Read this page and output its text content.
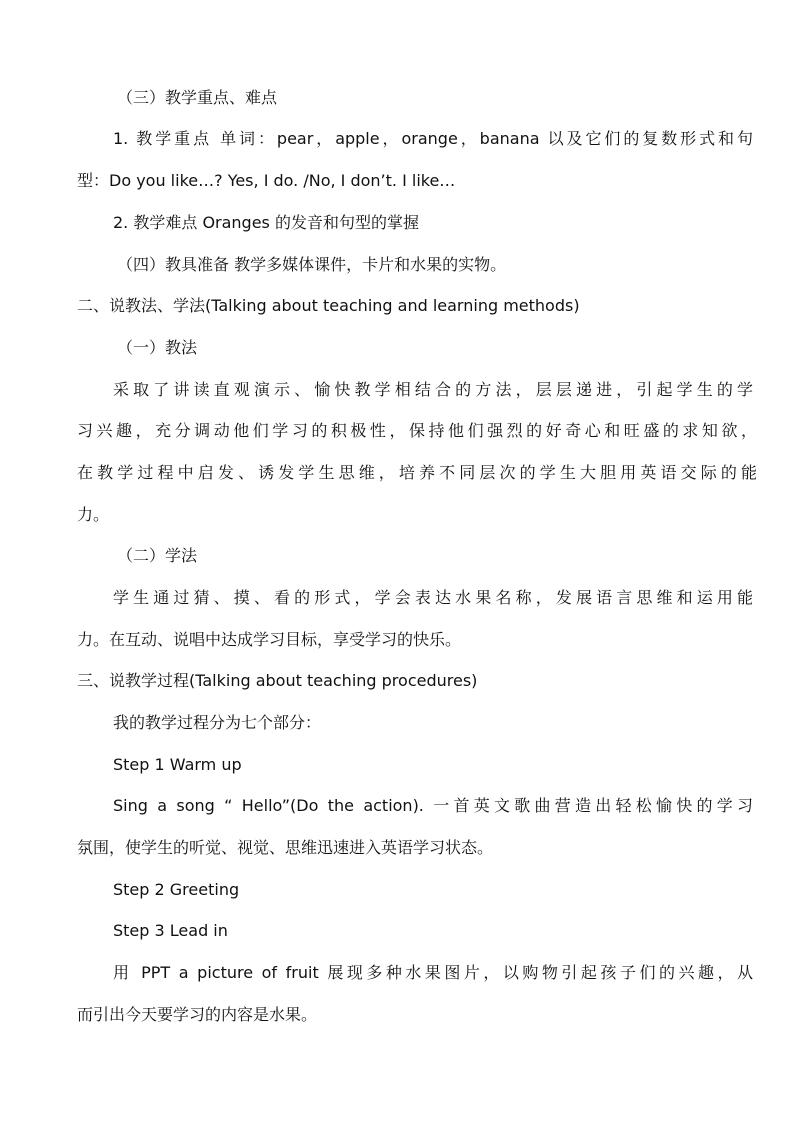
（三）教学重点、难点
1. 教学重点 单词：pear，apple，orange，banana 以及它们的复数形式和句
型：Do you like…? Yes, I do. /No, I don’t. I like…
2. 教学难点 Oranges 的发音和句型的掌握
（四）教具准备 教学多媒体课件，卡片和水果的实物。
二、说教法、学法(Talking about teaching and learning methods)
（一）教法
采取了讲读直观演示、愉快教学相结合的方法，层层递进，引起学生的学
习兴趣，充分调动他们学习的积极性，保持他们强烈的好奇心和旺盛的求知欲，
在教学过程中启发、诱发学生思维，培养不同层次的学生大胆用英语交际的能
力。
（二）学法
学生通过猜、摸、看的形式，学会表达水果名称，发展语言思维和运用能
力。在互动、说唱中达成学习目标，享受学习的快乐。
三、说教学过程(Talking about teaching procedures)
我的教学过程分为七个部分：
Step 1 Warm up
Sing a song “ Hello”(Do the action). 一首英文歌曲营造出轻松愉快的学习
氛围，使学生的听觉、视觉、思维迅速进入英语学习状态。
Step 2 Greeting
Step 3 Lead in
用 PPT a picture of fruit 展现多种水果图片，以购物引起孩子们的兴趣，从
而引出今天要学习的内容是水果。
